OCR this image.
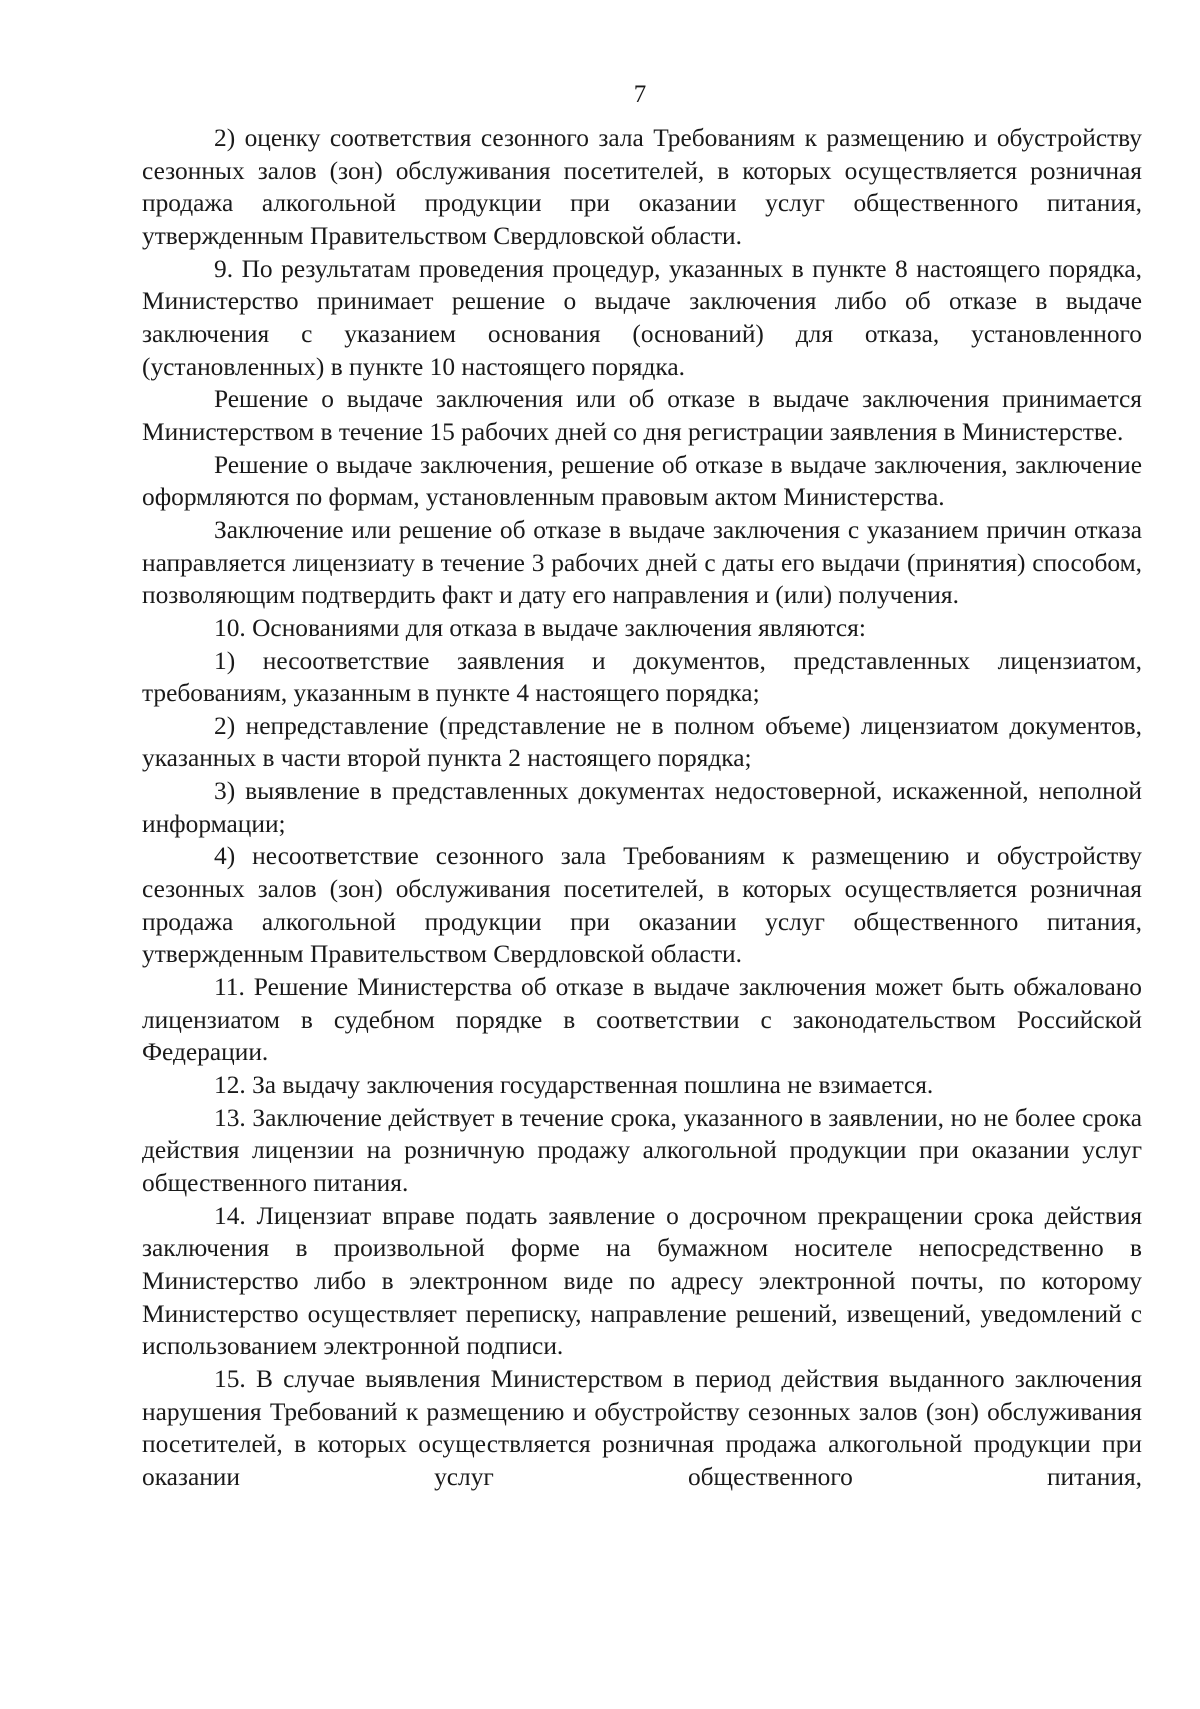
7

2) оценку соответствия сезонного зала Требованиям к размещению и обустройству сезонных залов (зон) обслуживания посетителей, в которых осуществляется розничная продажа алкогольной продукции при оказании услуг общественного питания, утвержденным Правительством Свердловской области.

9. По результатам проведения процедур, указанных в пункте 8 настоящего порядка, Министерство принимает решение о выдаче заключения либо об отказе в выдаче заключения с указанием основания (оснований) для отказа, установленного (установленных) в пункте 10 настоящего порядка.

Решение о выдаче заключения или об отказе в выдаче заключения принимается Министерством в течение 15 рабочих дней со дня регистрации заявления в Министерстве.

Решение о выдаче заключения, решение об отказе в выдаче заключения, заключение оформляются по формам, установленным правовым актом Министерства.

Заключение или решение об отказе в выдаче заключения с указанием причин отказа направляется лицензиату в течение 3 рабочих дней с даты его выдачи (принятия) способом, позволяющим подтвердить факт и дату его направления и (или) получения.

10. Основаниями для отказа в выдаче заключения являются:

1) несоответствие заявления и документов, представленных лицензиатом, требованиям, указанным в пункте 4 настоящего порядка;

2) непредставление (представление не в полном объеме) лицензиатом документов, указанных в части второй пункта 2 настоящего порядка;

3) выявление в представленных документах недостоверной, искаженной, неполной информации;

4) несоответствие сезонного зала Требованиям к размещению и обустройству сезонных залов (зон) обслуживания посетителей, в которых осуществляется розничная продажа алкогольной продукции при оказании услуг общественного питания, утвержденным Правительством Свердловской области.

11. Решение Министерства об отказе в выдаче заключения может быть обжаловано лицензиатом в судебном порядке в соответствии с законодательством Российской Федерации.

12. За выдачу заключения государственная пошлина не взимается.

13. Заключение действует в течение срока, указанного в заявлении, но не более срока действия лицензии на розничную продажу алкогольной продукции при оказании услуг общественного питания.

14. Лицензиат вправе подать заявление о досрочном прекращении срока действия заключения в произвольной форме на бумажном носителе непосредственно в Министерство либо в электронном виде по адресу электронной почты, по которому Министерство осуществляет переписку, направление решений, извещений, уведомлений с использованием электронной подписи.

15. В случае выявления Министерством в период действия выданного заключения нарушения Требований к размещению и обустройству сезонных залов (зон) обслуживания посетителей, в которых осуществляется розничная продажа алкогольной продукции при оказании услуг общественного питания,
